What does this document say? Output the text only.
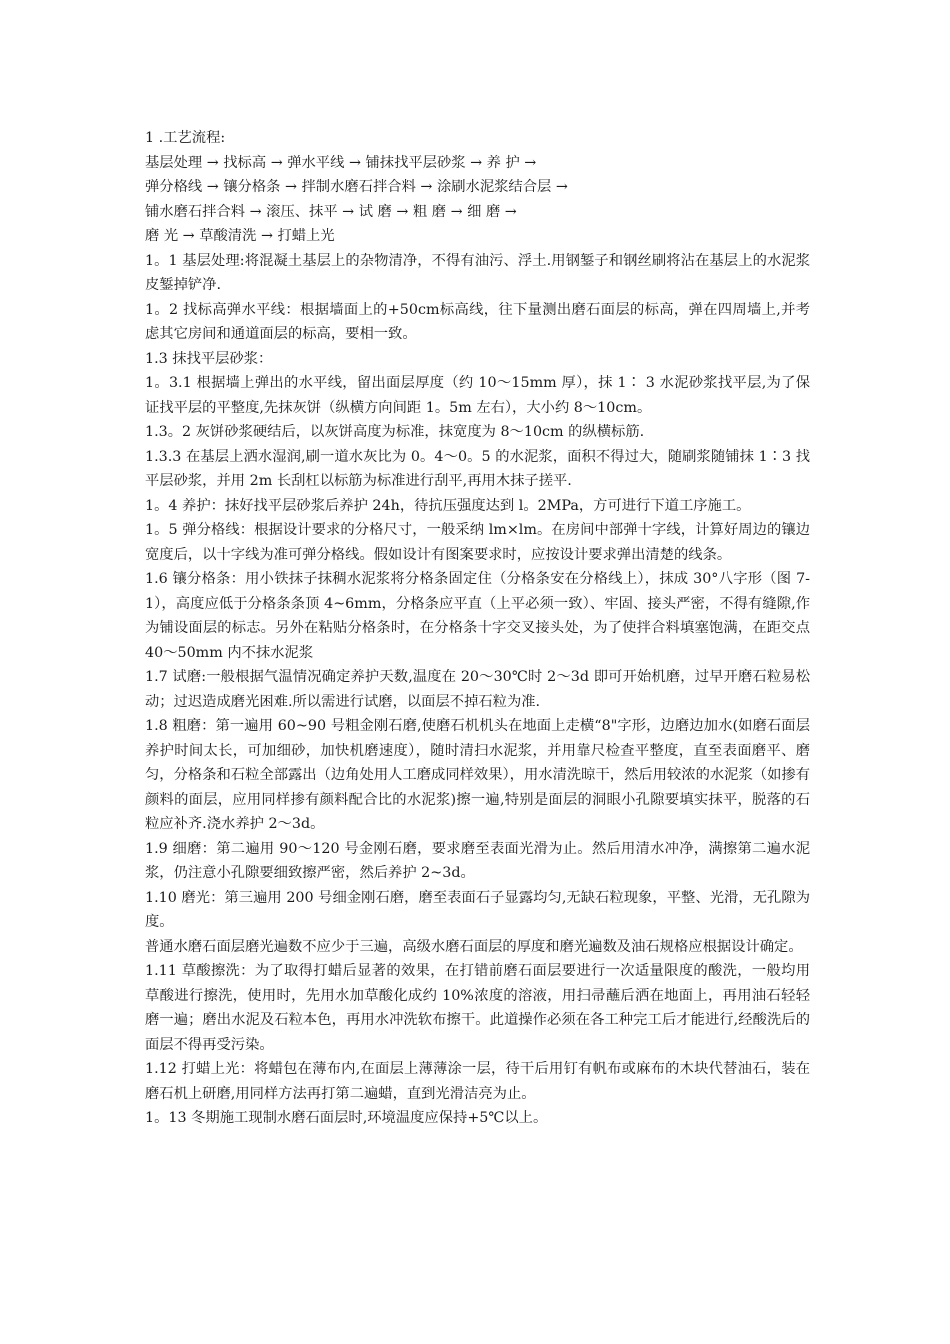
1 .工艺流程:
基层处理 → 找标高 → 弹水平线 → 铺抹找平层砂浆 → 养 护 →
弹分格线 → 镶分格条 → 拌制水磨石拌合料 → 涂刷水泥浆结合层 →
铺水磨石拌合料 → 滚压、抹平 → 试 磨 → 粗 磨 → 细 磨 →
磨 光 → 草酸清洗 → 打蜡上光

1。1 基层处理:将混凝土基层上的杂物清净，不得有油污、浮土.用钢錾子和钢丝刷将沾在基层上的水泥浆皮錾掉铲净.

1。2 找标高弹水平线：根据墙面上的+50cm标高线，往下量测出磨石面层的标高，弹在四周墙上,并考虑其它房间和通道面层的标高，要相一致。

1.3 抹找平层砂浆：

1。3.1 根据墙上弹出的水平线，留出面层厚度（约 10～15mm 厚），抹 1∶ 3 水泥砂浆找平层,为了保证找平层的平整度,先抹灰饼（纵横方向间距 1。5m 左右），大小约 8～10cm。

1.3。2 灰饼砂浆硬结后，以灰饼高度为标准，抹宽度为 8～10cm 的纵横标筋.

1.3.3 在基层上洒水湿润,刷一道水灰比为 0。4～0。5 的水泥浆，面积不得过大，随刷浆随铺抹 1∶3 找平层砂浆，并用 2m 长刮杠以标筋为标准进行刮平,再用木抹子搓平.

1。4 养护：抹好找平层砂浆后养护 24h，待抗压强度达到 l。2MPa，方可进行下道工序施工。

1。5 弹分格线：根据设计要求的分格尺寸，一般采纳 lm×lm。在房间中部弹十字线，计算好周边的镶边宽度后，以十字线为准可弹分格线。假如设计有图案要求时，应按设计要求弹出清楚的线条。

1.6 镶分格条：用小铁抹子抹稠水泥浆将分格条固定住（分格条安在分格线上），抹成 30°八字形（图 7-1），高度应低于分格条条顶 4~6mm，分格条应平直（上平必须一致）、牢固、接头严密，不得有缝隙,作为铺设面层的标志。另外在粘贴分格条时，在分格条十字交叉接头处，为了使拌合料填塞饱满，在距交点 40～50mm 内不抹水泥浆

1.7 试磨:一般根据气温情况确定养护天数,温度在 20～30℃时 2～3d 即可开始机磨，过早开磨石粒易松动；过迟造成磨光困难.所以需进行试磨，以面层不掉石粒为准.

1.8 粗磨：第一遍用 60~90 号粗金刚石磨,使磨石机机头在地面上走横“8"字形，边磨边加水(如磨石面层养护时间太长，可加细砂，加快机磨速度），随时清扫水泥浆，并用靠尺检查平整度，直至表面磨平、磨匀，分格条和石粒全部露出（边角处用人工磨成同样效果），用水清洗晾干，然后用较浓的水泥浆（如掺有颜料的面层，应用同样掺有颜料配合比的水泥浆)擦一遍,特别是面层的洞眼小孔隙要填实抹平，脱落的石粒应补齐.浇水养护 2～3d。

1.9 细磨：第二遍用 90～120 号金刚石磨，要求磨至表面光滑为止。然后用清水冲净，满擦第二遍水泥浆，仍注意小孔隙要细致擦严密，然后养护 2~3d。

1.10 磨光：第三遍用 200 号细金刚石磨，磨至表面石子显露均匀,无缺石粒现象，平整、光滑，无孔隙为度。

普通水磨石面层磨光遍数不应少于三遍，高级水磨石面层的厚度和磨光遍数及油石规格应根据设计确定。

1.11 草酸擦洗：为了取得打蜡后显著的效果，在打错前磨石面层要进行一次适量限度的酸洗，一般均用草酸进行擦洗，使用时，先用水加草酸化成约 10%浓度的溶液，用扫帚蘸后洒在地面上，再用油石轻轻磨一遍；磨出水泥及石粒本色，再用水冲洗软布擦干。此道操作必须在各工种完工后才能进行,经酸洗后的面层不得再受污染。

1.12 打蜡上光：将蜡包在薄布内,在面层上薄薄涂一层，待干后用钉有帆布或麻布的木块代替油石，装在磨石机上研磨,用同样方法再打第二遍蜡，直到光滑洁亮为止。

1。13 冬期施工现制水磨石面层时,环境温度应保持+5℃以上。
